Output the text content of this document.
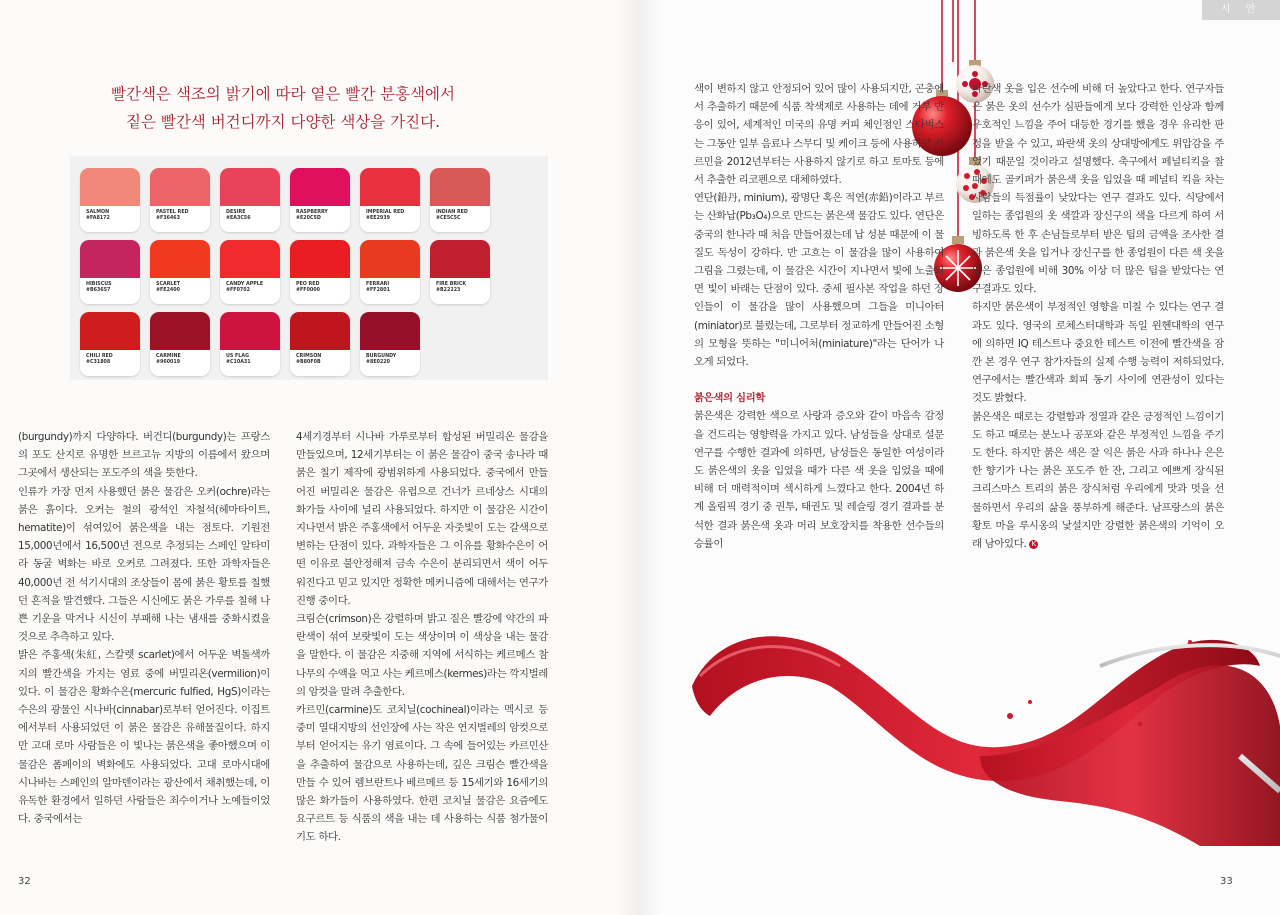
빨간색은 색조의 밝기에 따라 옅은 빨간 분홍색에서
짙은 빨간색 버건디까지 다양한 색상을 가진다.
SALMON
#FA8172
PASTEL RED
#F36463
DESIRE
#EA3C56
RASPBERRY
#E20C5D
IMPERIAL RED
#EE2939
INDIAN RED
#CE5C5C
HIBISCUS
#B63657
SCARLET
#FE2400
CANDY APPLE
#FF0702
PEO RED
#FF0000
FERRARI
#FF2801
FIRE BRICK
#B22223
CHILI RED
#C31808
CARMINE
#960019
US FLAG
#C10A31
CRIMSON
#B80F0B
BURGUNDY
#8E0220

(burgundy)까지 다양하다. 버건디(burgundy)는 프랑스의 포도 산지로 유명한 브르고뉴 지방의 이름에서 왔으며 그곳에서 생산되는 포도주의 색을 뜻한다.

인류가 가장 먼저 사용했던 붉은 물감은 오커(ochre)라는 붉은 흙이다. 오커는 철의 광석인 자철석(헤마타이트, hematite)이 섞여있어 붉은색을 내는 점토다. 기원전 15,000년에서 16,500년 전으로 추정되는 스페인 알타미라 동굴 벽화는 바로 오커로 그려졌다. 또한 과학자들은 40,000년 전 석기시대의 조상들이 몸에 붉은 황토를 칠했던 흔적을 발견했다. 그들은 시신에도 붉은 가루를 칠해 나쁜 기운을 막거나 시신이 부패해 나는 냄새를 중화시켰을 것으로 추측하고 있다.

밝은 주홍색(朱紅, 스칼렛 scarlet)에서 어두운 벽돌색까지의 빨간색을 가지는 염료 중에 버밀리온(vermilion)이 있다. 이 물감은 황화수은(mercuric fulfied, HgS)이라는 수은의 광물인 시나바(cinnabar)로부터 얻어진다. 이집트에서부터 사용되었던 이 붉은 물감은 유해물질이다. 하지만 고대 로마 사람들은 이 빛나는 붉은색을 좋아했으며 이 물감은 폼페이의 벽화에도 사용되었다. 고대 로마시대에 시나바는 스페인의 알마덴이라는 광산에서 채취했는데, 이 유독한 환경에서 일하던 사람들은 죄수이거나 노예들이었다. 중국에서는

4세기경부터 시나바 가루로부터 합성된 버밀리온 물감을 만들었으며, 12세기부터는 이 붉은 물감이 중국 송나라 때 붉은 칠기 제작에 광범위하게 사용되었다. 중국에서 만들어진 버밀리온 물감은 유럽으로 건너가 르네상스 시대의 화가들 사이에 널리 사용되었다. 하지만 이 물감은 시간이 지나면서 밝은 주홍색에서 어두운 자줏빛이 도는 갈색으로 변하는 단점이 있다. 과학자들은 그 이유를 황화수은이 어떤 이유로 불안정해져 금속 수은이 분리되면서 색이 어두워진다고 믿고 있지만 정확한 메커니즘에 대해서는 연구가 진행 중이다.

크림슨(crimson)은 강렬하며 밝고 짙은 빨강에 약간의 파란색이 섞여 보랏빛이 도는 색상이며 이 색상을 내는 물감을 말한다. 이 물감은 지중해 지역에 서식하는 케르메스 참나무의 수액을 먹고 사는 케르메스(kermes)라는 깍지벌레의 암컷을 말려 추출한다.

카르민(carmine)도 코치닐(cochineal)이라는 멕시코 등 중미 열대지방의 선인장에 사는 작은 연지벌레의 암컷으로부터 얻어지는 유기 염료이다. 그 속에 들어있는 카르민산을 추출하여 물감으로 사용하는데, 깊은 크림슨 빨간색을 만들 수 있어 렘브란트나 베르메르 등 15세기와 16세기의 많은 화가들이 사용하였다. 한편 코치닐 물감은 요즘에도 요구르트 등 식품의 색을 내는 데 사용하는 식품 첨가물이기도 하다.

32
시 안

색이 변하지 않고 안정되어 있어 많이 사용되지만, 곤충에서 추출하기 때문에 식품 착색제로 사용하는 데에 거부 반응이 있어, 세계적인 미국의 유명 커피 체인점인 스타벅스는 그동안 일부 음료나 스무디 및 케이크 등에 사용하던 카르민을 2012년부터는 사용하지 않기로 하고 토마토 등에서 추출한 리코펜으로 대체하였다.

연단(鉛丹, minium), 광명단 혹은 적연(赤鉛)이라고 부르는 산화납(Pb₃O₄)으로 만드는 붉은색 물감도 있다. 연단은 중국의 한나라 때 처음 만들어졌는데 납 성분 때문에 이 물질도 독성이 강하다. 반 고흐는 이 물감을 많이 사용하여 그림을 그렸는데, 이 물감은 시간이 지나면서 빛에 노출되면 빛이 바래는 단점이 있다. 중세 필사본 작업을 하던 장인들이 이 물감을 많이 사용했으며 그들을 미니아터(miniator)로 불렀는데, 그로부터 정교하게 만들어진 소형의 모형을 뜻하는 "미니어처(miniature)"라는 단어가 나오게 되었다.

붉은색의 심리학

붉은색은 강력한 색으로 사랑과 증오와 같이 마음속 감정을 건드리는 영향력을 가지고 있다. 남성들을 상대로 설문 연구를 수행한 결과에 의하면, 남성들은 동일한 여성이라도 붉은색의 옷을 입었을 때가 다른 색 옷을 입었을 때에 비해 더 매력적이며 섹시하게 느꼈다고 한다. 2004년 하계 올림픽 경기 중 권투, 태권도 및 레슬링 경기 결과를 분석한 결과 붉은색 옷과 머리 보호장치를 착용한 선수들의 승률이

파란색 옷을 입은 선수에 비해 더 높았다고 한다. 연구자들은 붉은 옷의 선수가 심판들에게 보다 강력한 인상과 함께 우호적인 느낌을 주어 대등한 경기를 했을 경우 유리한 판정을 받을 수 있고, 파란색 옷의 상대방에게도 위압감을 주었기 때문일 것이라고 설명했다. 축구에서 페널티킥을 찰 때에도 골키퍼가 붉은색 옷을 입었을 때 페널티 킥을 차는 사람들의 득점률이 낮았다는 연구 결과도 있다. 식당에서 일하는 종업원의 옷 색깔과 장신구의 색을 다르게 하여 서빙하도록 한 후 손님들로부터 받은 팁의 금액을 조사한 결과 붉은색 옷을 입거나 장신구를 한 종업원이 다른 색 옷을 입은 종업원에 비해 30% 이상 더 많은 팁을 받았다는 연구결과도 있다.

하지만 붉은색이 부정적인 영향을 미칠 수 있다는 연구 결과도 있다. 영국의 로체스터대학과 독일 윈헨대학의 연구에 의하면 IQ 테스트나 중요한 테스트 이전에 빨간색을 잠깐 본 경우 연구 참가자들의 실제 수행 능력이 저하되었다. 연구에서는 빨간색과 회피 동기 사이에 연관성이 있다는 것도 밝혔다.

붉은색은 때로는 강렬함과 정열과 같은 긍정적인 느낌이기도 하고 때로는 분노나 공포와 같은 부정적인 느낌을 주기도 한다. 하지만 붉은 색은 잘 익은 붉은 사과 하나나 은은한 향기가 나는 붉은 포도주 한 잔, 그리고 예쁘게 장식된 크리스마스 트리의 붉은 장식처럼 우리에게 맛과 멋을 선물하면서 우리의 삶을 풍부하게 해준다. 남프랑스의 붉은 황토 마을 루시옹의 낯설지만 강렬한 붉은색의 기억이 오래 남아있다. K

33
